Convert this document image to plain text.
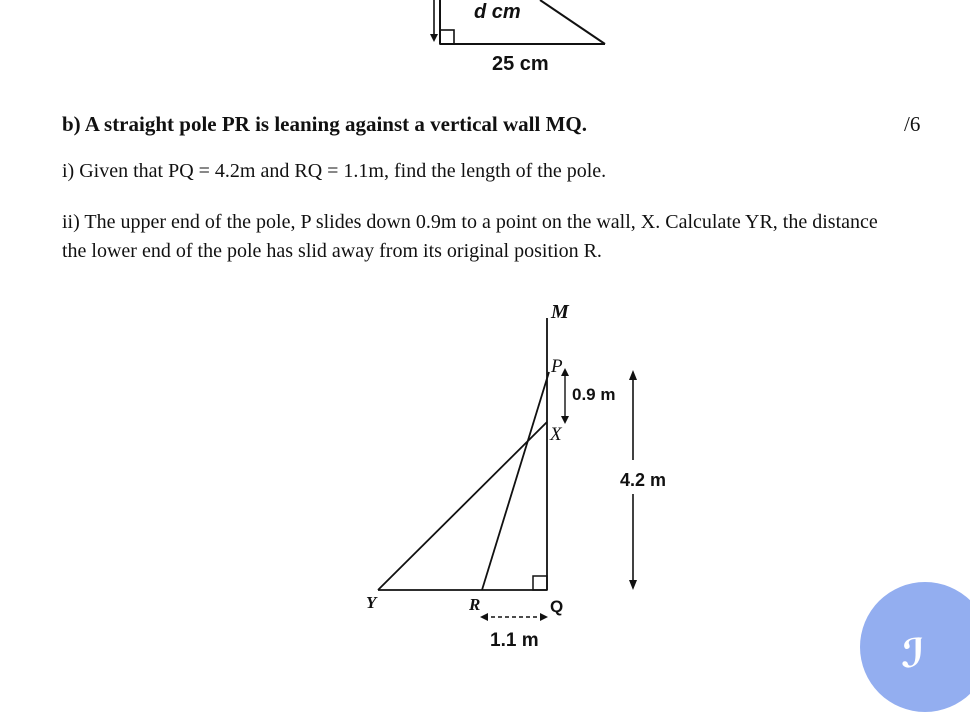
d cm
25 cm
M
P
X
0.9 m
4.2 m
Y	R	Q
1.1 m
b) A straight pole PR is leaning against a vertical wall MQ.	/6
i) Given that PQ = 4.2m and RQ = 1.1m, find the length of the pole.
ii) The upper end of the pole, P slides down 0.9m to a point on the wall, X. Calculate YR, the distance
the lower end of the pole has slid away from its original position R.
ℐ
